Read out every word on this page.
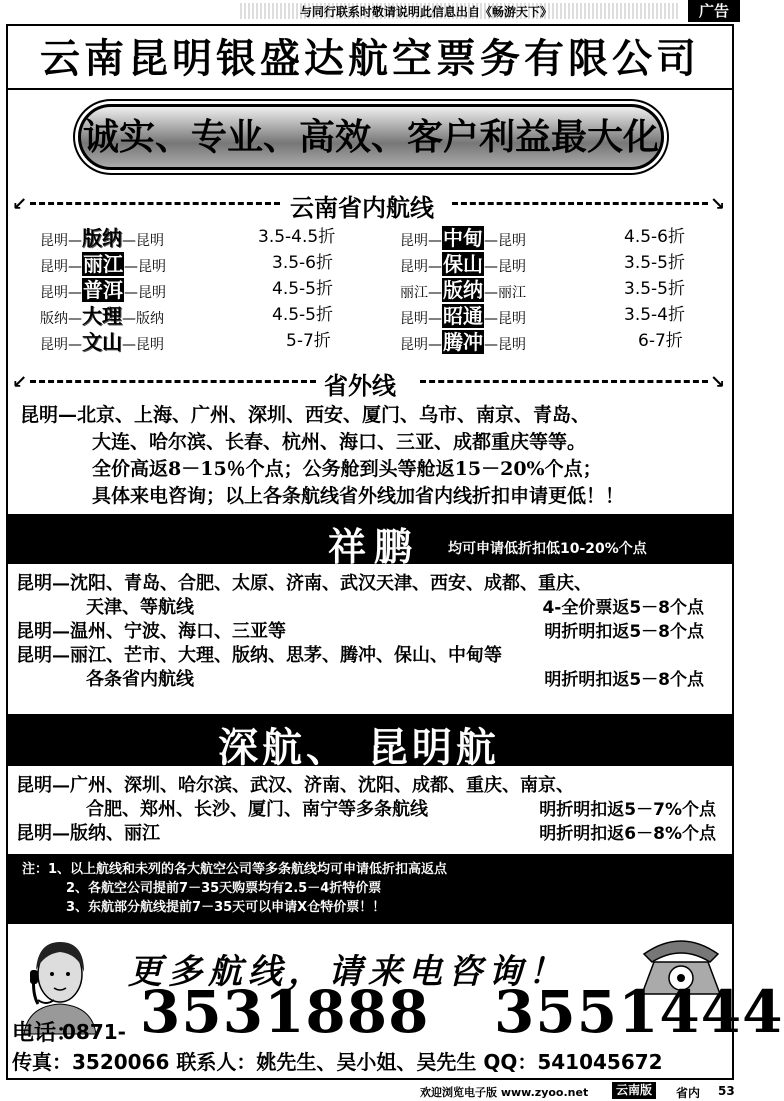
与同行联系时敬请说明此信息出自《畅游天下》	广告
云南昆明银盛达航空票务有限公司
诚实、专业、高效、客户利益最大化
↙	云南省内航线	↘
昆明—版纳—昆明	3.5-4.5折	昆明—中甸—昆明	4.5-6折
昆明—丽江—昆明	3.5-6折	昆明—保山—昆明	3.5-5折
昆明—普洱—昆明	4.5-5折	丽江—版纳—丽江	3.5-5折
版纳—大理—版纳	4.5-5折	昆明—昭通—昆明	3.5-4折
昆明—文山—昆明	5-7折	昆明—腾冲—昆明	6-7折
↙	省外线	↘
昆明—北京、上海、广州、深圳、西安、厦门、乌市、南京、青岛、
大连、哈尔滨、长春、杭州、海口、三亚、成都重庆等等。
全价高返8－15％个点；公务舱到头等舱返15－20%个点；
具体来电咨询；以上各条航线省外线加省内线折扣申请更低！！
祥鹏 均可申请低折扣低10-20%个点
昆明—沈阳、青岛、合肥、太原、济南、武汉天津、西安、成都、重庆、
天津、等航线	4-全价票返5－8个点
昆明—温州、宁波、海口、三亚等	明折明扣返5－8个点
昆明—丽江、芒市、大理、版纳、思茅、腾冲、保山、中甸等
各条省内航线	明折明扣返5－8个点
深航、 昆明航
昆明—广州、深圳、哈尔滨、武汉、济南、沈阳、成都、重庆、南京、
合肥、郑州、长沙、厦门、南宁等多条航线	明折明扣返5－7%个点
昆明—版纳、丽江	明折明扣返6－8%个点
注：1、以上航线和未列的各大航空公司等多条航线均可申请低折扣高返点
2、各航空公司提前7－35天购票均有2.5－4折特价票
3、东航部分航线提前7－35天可以申请X仓特价票！！
更多航线，请来电咨询！
电话：
0871- 3531888 3551444
传真：3520066 联系人：姚先生、吴小姐、吴先生 QQ：541045672
欢迎浏览电子版 www.zyoo.net	云南版	省内 53
